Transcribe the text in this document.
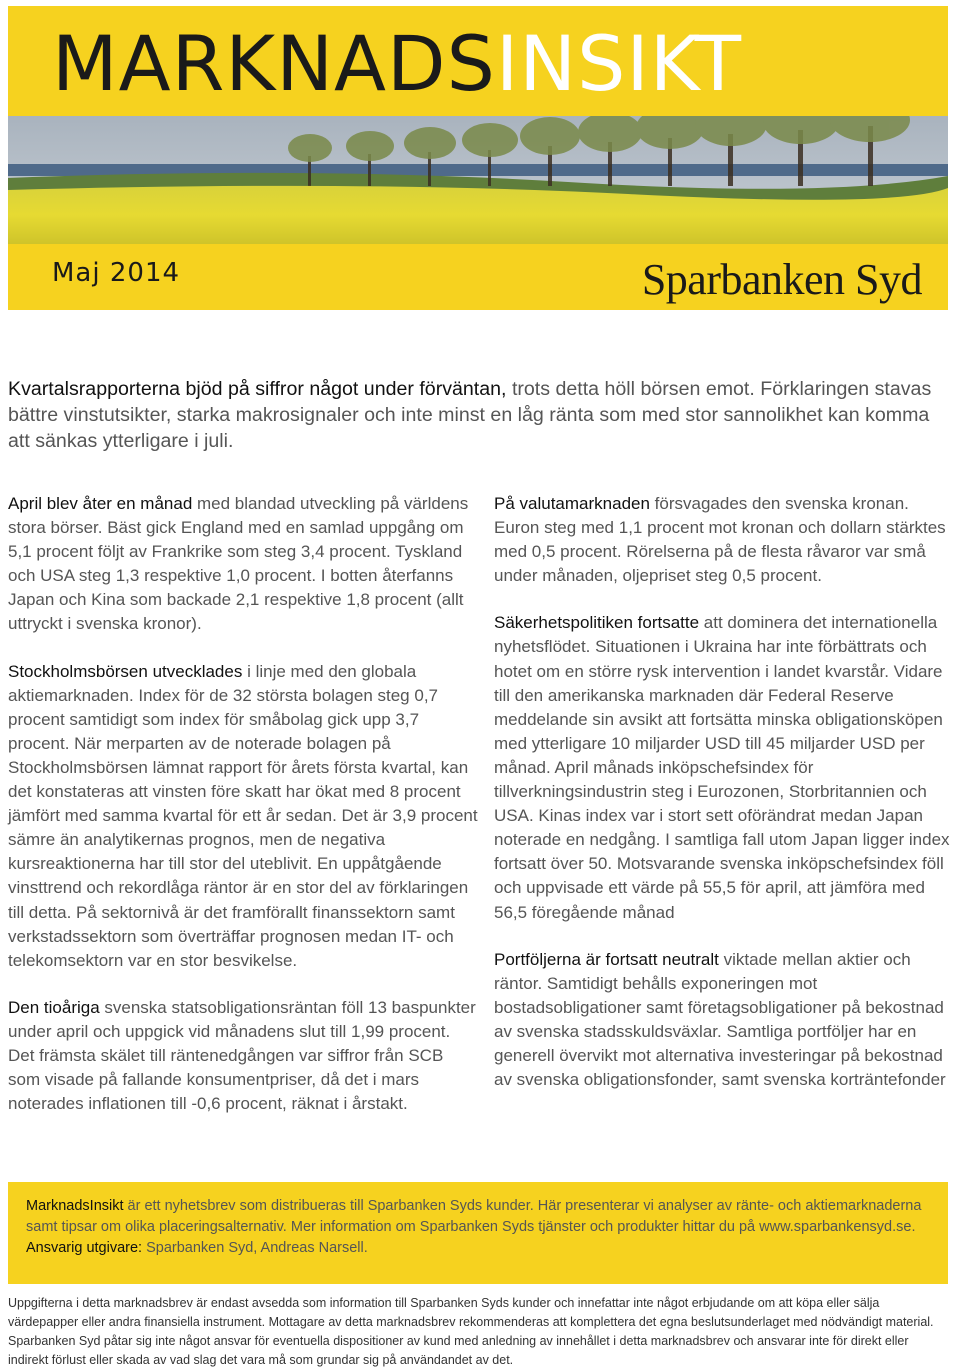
MARKNADSINSIKT
Maj 2014	Sparbanken Syd
Kvartalsrapporterna bjöd på siffror något under förväntan, trots detta höll börsen emot. Förklaringen stavas bättre vinstutsikter, starka makrosignaler och inte minst en låg ränta som med stor sannolikhet kan komma att sänkas ytterligare i juli.

April blev åter en månad med blandad utveckling på världens stora börser. Bäst gick England med en samlad uppgång om 5,1 procent följt av Frankrike som steg 3,4 procent. Tyskland och USA steg 1,3 respektive 1,0 procent. I botten återfanns Japan och Kina som backade 2,1 respektive 1,8 procent (allt uttryckt i svenska kronor).

Stockholmsbörsen utvecklades i linje med den globala aktiemarknaden. Index för de 32 största bolagen steg 0,7 procent samtidigt som index för småbolag gick upp 3,7 procent. När merparten av de noterade bolagen på Stockholmsbörsen lämnat rapport för årets första kvartal, kan det konstateras att vinsten före skatt har ökat med 8 procent jämfört med samma kvartal för ett år sedan. Det är 3,9 procent sämre än analytikernas prognos, men de negativa kursreaktionerna har till stor del uteblivit. En uppåtgående vinsttrend och rekordlåga räntor är en stor del av förklaringen till detta. På sektornivå är det framförallt finanssektorn samt verkstadssektorn som överträffar prognosen medan IT- och telekomsektorn var en stor besvikelse.

Den tioåriga svenska statsobligationsräntan föll 13 baspunkter under april och uppgick vid månadens slut till 1,99 procent. Det främsta skälet till räntenedgången var siffror från SCB som visade på fallande konsumentpriser, då det i mars noterades inflationen till -0,6 procent, räknat i årstakt.

På valutamarknaden försvagades den svenska kronan. Euron steg med 1,1 procent mot kronan och dollarn stärktes med 0,5 procent. Rörelserna på de flesta råvaror var små under månaden, oljepriset steg 0,5 procent.

Säkerhetspolitiken fortsatte att dominera det internationella nyhetsflödet. Situationen i Ukraina har inte förbättrats och hotet om en större rysk intervention i landet kvarstår. Vidare till den amerikanska marknaden där Federal Reserve meddelande sin avsikt att fortsätta minska obligationsköpen med ytterligare 10 miljarder USD till 45 miljarder USD per månad. April månads inköpschefsindex för tillverkningsindustrin steg i Eurozonen, Storbritannien och USA. Kinas index var i stort sett oförändrat medan Japan noterade en nedgång. I samtliga fall utom Japan ligger index fortsatt över 50. Motsvarande svenska inköpschefsindex föll och uppvisade ett värde på 55,5 för april, att jämföra med 56,5 föregående månad

Portföljerna är fortsatt neutralt viktade mellan aktier och räntor. Samtidigt behålls exponeringen mot bostadsobligationer samt företagsobligationer på bekostnad av svenska stadsskuldsväxlar. Samtliga portföljer har en generell övervikt mot alternativa investeringar på bekostnad av svenska obligationsfonder, samt svenska korträntefonder

MarknadsInsikt är ett nyhetsbrev som distribueras till Sparbanken Syds kunder. Här presenterar vi analyser av ränte- och aktiemarknaderna samt tipsar om olika placeringsalternativ. Mer information om Sparbanken Syds tjänster och produkter hittar du på www.sparbankensyd.se. Ansvarig utgivare: Sparbanken Syd, Andreas Narsell.

Uppgifterna i detta marknadsbrev är endast avsedda som information till Sparbanken Syds kunder och innefattar inte något erbjudande om att köpa eller sälja värdepapper eller andra finansiella instrument. Mottagare av detta marknadsbrev rekommenderas att komplettera det egna beslutsunderlaget med nödvändigt material. Sparbanken Syd påtar sig inte något ansvar för eventuella dispositioner av kund med anledning av innehållet i detta marknadsbrev och ansvarar inte för direkt eller indirekt förlust eller skada av vad slag det vara må som grundar sig på användandet av det.
